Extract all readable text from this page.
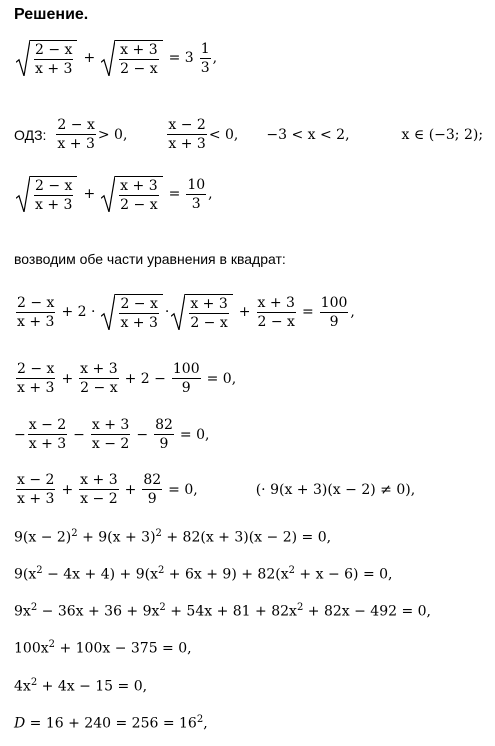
Решение.
$\frac{2 - x}{x + 3} + \frac{x + 3}{2 - x} = 3 \frac{1}{3}$ ,
ОДЗ: $\frac{2 - x}{x + 3} > 0$,	$\frac{x - 2}{x + 3} < 0$, −3 < x < 2,	x ∈ (−3; 2);
$\frac{2 - x}{x + 3} + \frac{x + 3}{2 - x} = \frac{10}{3}$ ,
возводим обе части уравнения в квадрат:
$\frac{2 - x}{x + 3} + 2 \cdot \frac{2 - x}{x + 3} \cdot \frac{x + 3}{2 - x} + \frac{x + 3}{2 - x} = \frac{100}{9}$ ,
$\frac{2 - x}{x + 3} + \frac{x + 3}{2 - x} + 2 - \frac{100}{9} = 0$,
− $\frac{x - 2}{x + 3} - \frac{x + 3}{x - 2} - \frac{82}{9} = 0$,
$\frac{x - 2}{x + 3} + \frac{x + 3}{x - 2} + \frac{82}{9} = 0$,	(· 9(x + 3)(x − 2) ≠ 0),
$9(x - 2)^2 + 9(x + 3)^2 + 82(x + 3)(x - 2) = 0$,
$9(x^2 - 4x + 4) + 9(x^2 + 6x + 9) + 82(x^2 + x - 6) = 0$,
$9x^2 - 36x + 36 + 9x^2 + 54x + 81 + 82x^2 + 82x - 492 = 0$,
$100x^2 + 100x - 375 = 0$,
$4x^2 + 4x - 15 = 0$,
$D = 16 + 240 = 256 = 16^2$,
